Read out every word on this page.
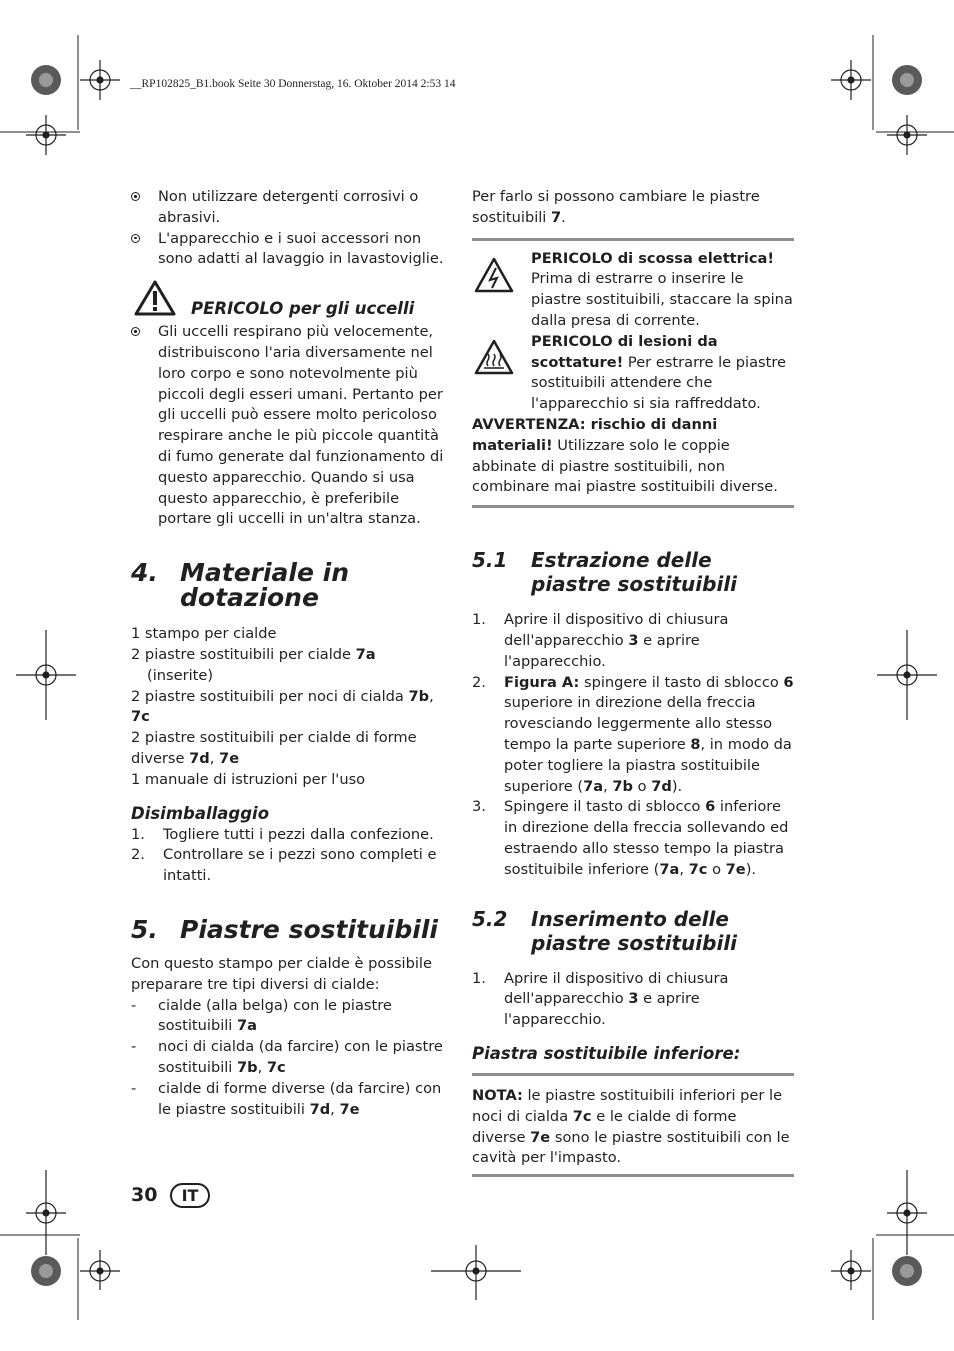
__RP102825_B1.book Seite 30 Donnerstag, 16. Oktober 2014 2:53 14
Non utilizzare detergenti corrosivi o abrasivi.
L'apparecchio e i suoi accessori non sono adatti al lavaggio in lavastoviglie.
PERICOLO per gli uccelli
Gli uccelli respirano più velocemente, distribuiscono l'aria diversamente nel loro corpo e sono notevolmente più piccoli degli esseri umani. Pertanto per gli uccelli può essere molto pericoloso respirare anche le più piccole quantità di fumo generate dal funzionamento di questo apparecchio. Quando si usa questo apparecchio, è preferibile portare gli uccelli in un'altra stanza.
4. Materiale in dotazione

1 stampo per cialde

2 piastre sostituibili per cialde 7a
(inserite)

2 piastre sostituibili per noci di cialda 7b, 7c

2 piastre sostituibili per cialde di forme diverse 7d, 7e

1 manuale di istruzioni per l'uso

Disimballaggio
1. Togliere tutti i pezzi dalla confezione.
2. Controllare se i pezzi sono completi e intatti.
5. Piastre sostituibili

Con questo stampo per cialde è possibile preparare tre tipi diversi di cialde:

- cialde (alla belga) con le piastre sostituibili 7a
- noci di cialda (da farcire) con le piastre sostituibili 7b, 7c
- cialde di forme diverse (da farcire) con le piastre sostituibili 7d, 7e

Per farlo si possono cambiare le piastre sostituibili 7.

PERICOLO di scossa elettrica!
Prima di estrarre o inserire le piastre sostituibili, staccare la spina dalla presa di corrente.

PERICOLO di lesioni da scottature! Per estrarre le piastre sostituibili attendere che l'apparecchio si sia raffreddato.

AVVERTENZA: rischio di danni materiali! Utilizzare solo le coppie abbinate di piastre sostituibili, non combinare mai piastre sostituibili diverse.

5.1 Estrazione delle piastre sostituibili
1. Aprire il dispositivo di chiusura dell'apparecchio 3 e aprire l'apparecchio.
2. Figura A: spingere il tasto di sblocco 6 superiore in direzione della freccia rovesciando leggermente allo stesso tempo la parte superiore 8, in modo da poter togliere la piastra sostituibile superiore (7a, 7b o 7d).
3. Spingere il tasto di sblocco 6 inferiore in direzione della freccia sollevando ed estraendo allo stesso tempo la piastra sostituibile inferiore (7a, 7c o 7e).
5.2 Inserimento delle piastre sostituibili
1. Aprire il dispositivo di chiusura dell'apparecchio 3 e aprire l'apparecchio.
Piastra sostituibile inferiore:

NOTA: le piastre sostituibili inferiori per le noci di cialda 7c e le cialde di forme diverse 7e sono le piastre sostituibili con le cavità per l'impasto.

30	IT
